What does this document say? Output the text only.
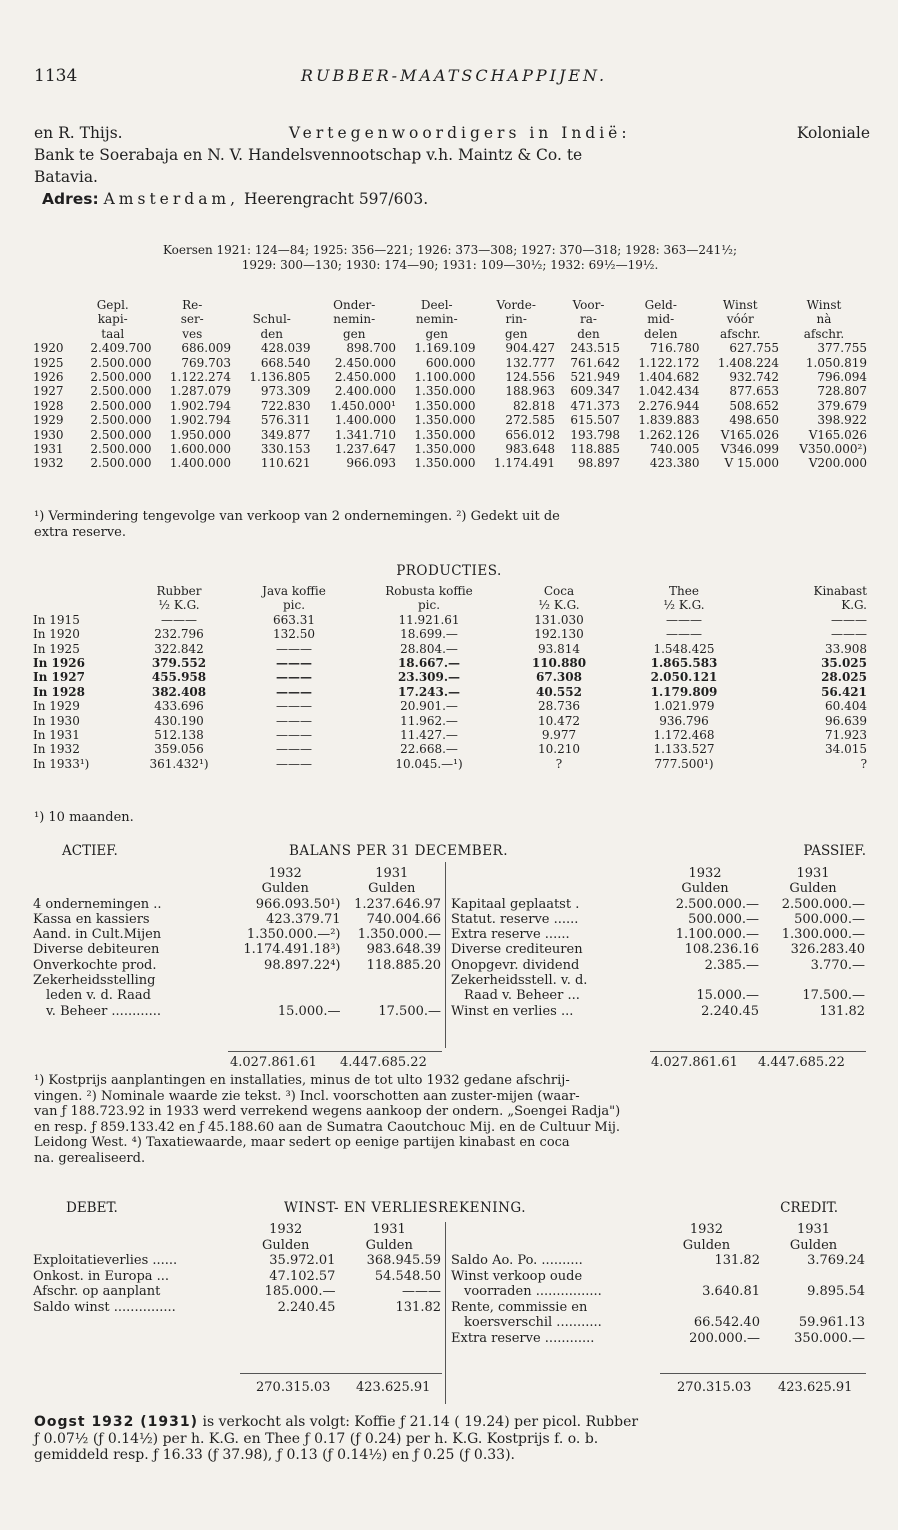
1134	RUBBER-MAATSCHAPPIJEN.
en R. Thijs.	Vertegenwoordigers in Indië:	Koloniale
Bank te Soerabaja en N. V. Handelsvennootschap v.h. Maintz & Co. te
Batavia.
Adres: Amsterdam, Heerengracht 597/603.
Koersen 1921: 124—84; 1925: 356—221; 1926: 373—308; 1927: 370—318; 1928: 363—241½;
1929: 300—130; 1930: 174—90; 1931: 109—30½; 1932: 69½—19½.
	Gepl.	Re-		Onder-	Deel-	Vorde-	Voor-	Geld-	Winst	Winst
	kapi-	ser-	Schul-	nemin-	nemin-	rin-	ra-	mid-	vóór	nà
	taal	ves	den	gen	gen	gen	den	delen	afschr.	afschr.
1920	2.409.700	686.009	428.039	898.700	1.169.109	904.427	243.515	716.780	627.755	377.755
1925	2.500.000	769.703	668.540	2.450.000	600.000	132.777	761.642	1.122.172	1.408.224	1.050.819
1926	2.500.000	1.122.274	1.136.805	2.450.000	1.100.000	124.556	521.949	1.404.682	932.742	796.094
1927	2.500.000	1.287.079	973.309	2.400.000	1.350.000	188.963	609.347	1.042.434	877.653	728.807
1928	2.500.000	1.902.794	722.830	1.450.000¹	1.350.000	82.818	471.373	2.276.944	508.652	379.679
1929	2.500.000	1.902.794	576.311	1.400.000	1.350.000	272.585	615.507	1.839.883	498.650	398.922
1930	2.500.000	1.950.000	349.877	1.341.710	1.350.000	656.012	193.798	1.262.126	V165.026	V165.026
1931	2.500.000	1.600.000	330.153	1.237.647	1.350.000	983.648	118.885	740.005	V346.099	V350.000²)
1932	2.500.000	1.400.000	110.621	966.093	1.350.000	1.174.491	98.897	423.380	V 15.000	V200.000
¹) Vermindering tengevolge van verkoop van 2 ondernemingen. ²) Gedekt uit de
extra reserve.
PRODUCTIES.
	Rubber	Java koffie	Robusta koffie	Coca	Thee	Kinabast
	½ K.G.	pic.	pic.	½ K.G.	½ K.G.	K.G.
In 1915	———	663.31	11.921.61	131.030	———	———
In 1920	232.796	132.50	18.699.—	192.130	———	———
In 1925	322.842	———	28.804.—	93.814	1.548.425	33.908
In 1926	379.552	———	18.667.—	110.880	1.865.583	35.025
In 1927	455.958	———	23.309.—	67.308	2.050.121	28.025
In 1928	382.408	———	17.243.—	40.552	1.179.809	56.421
In 1929	433.696	———	20.901.—	28.736	1.021.979	60.404
In 1930	430.190	———	11.962.—	10.472	936.796	96.639
In 1931	512.138	———	11.427.—	9.977	1.172.468	71.923
In 1932	359.056	———	22.668.—	10.210	1.133.527	34.015
In 1933¹)	361.432¹)	———	10.045.—¹)	?	777.500¹)	?
¹) 10 maanden.
ACTIEF.	BALANS PER 31 DECEMBER.	PASSIEF.
	1932	1931
	Gulden	Gulden
4 ondernemingen ..	966.093.50¹)	1.237.646.97
Kassa en kassiers	423.379.71	740.004.66
Aand. in Cult.Mijen	1.350.000.—²)	1.350.000.—
Diverse debiteuren	1.174.491.18³)	983.648.39
Onverkochte prod.	98.897.22⁴)	118.885.20
Zekerheidsstelling		
leden v. d. Raad		
v. Beheer ............	15.000.—	17.500.—
	1932	1931
	Gulden	Gulden
Kapitaal geplaatst .	2.500.000.—	2.500.000.—
Statut. reserve ......	500.000.—	500.000.—
Extra reserve ......	1.100.000.—	1.300.000.—
Diverse crediteuren	108.236.16	326.283.40
Onopgevr. dividend	2.385.—	3.770.—
Zekerheidsstell. v. d.		
Raad v. Beheer ...	15.000.—	17.500.—
Winst en verlies ...	2.240.45	131.82
4.027.861.61 4.447.685.22	4.027.861.61 4.447.685.22
¹) Kostprijs aanplantingen en installaties, minus de tot ulto 1932 gedane afschrij-
vingen. ²) Nominale waarde zie tekst. ³) Incl. voorschotten aan zuster-mijen (waar-
van ƒ 188.723.92 in 1933 werd verrekend wegens aankoop der ondern. „Soengei Radja")
en resp. ƒ 859.133.42 en ƒ 45.188.60 aan de Sumatra Caoutchouc Mij. en de Cultuur Mij.
Leidong West. ⁴) Taxatiewaarde, maar sedert op eenige partijen kinabast en coca
na. gerealiseerd.
DEBET.	WINST- EN VERLIESREKENING.	CREDIT.
	1932	1931
	Gulden	Gulden
Exploitatieverlies ......	35.972.01	368.945.59
Onkost. in Europa ...	47.102.57	54.548.50
Afschr. op aanplant	185.000.—	———
Saldo winst ...............	2.240.45	131.82
	1932	1931
	Gulden	Gulden
Saldo Ao. Po. ..........	131.82	3.769.24
Winst verkoop oude		
voorraden ................	3.640.81	9.895.54
Rente, commissie en		
koersverschil ...........	66.542.40	59.961.13
Extra reserve ............	200.000.—	350.000.—
270.315.03 423.625.91	270.315.03 423.625.91
Oogst 1932 (1931) is verkocht als volgt: Koffie ƒ 21.14 ( 19.24) per picol. Rubber
ƒ 0.07½ (ƒ 0.14½) per h. K.G. en Thee ƒ 0.17 (ƒ 0.24) per h. K.G. Kostprijs f. o. b.
gemiddeld resp. ƒ 16.33 (ƒ 37.98), ƒ 0.13 (ƒ 0.14½) en ƒ 0.25 (ƒ 0.33).
